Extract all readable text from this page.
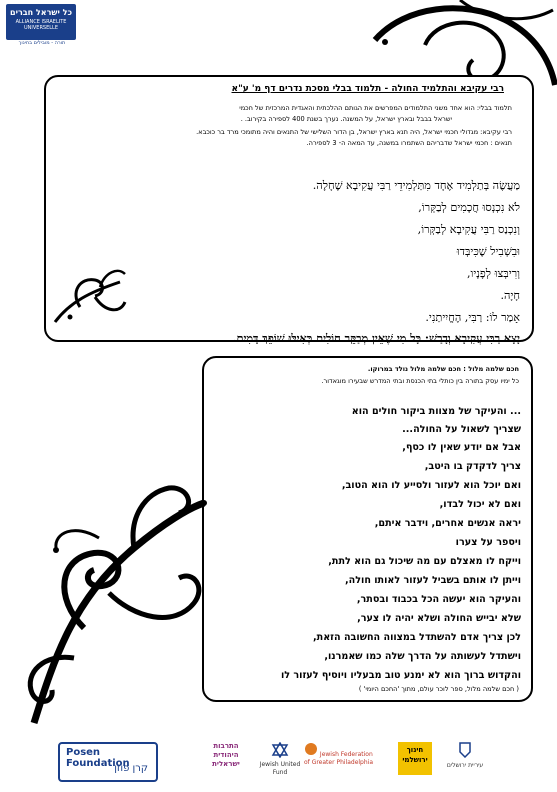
כל ישראל חברים
ALLIANCE ISRAELITE UNIVERSELLE
תורה - מובילים בחינוך
רבי עקיבא והתלמיד החולה - תלמוד בבלי מסכת נדרים דף מ' ע"א
תלמוד בבלי: הוא אחד משני התלמודים המפרשים את הגותם ההלכתית והאגדית המרכזית של חכמי
ישראל בבבל ובארץ ישראל, על המשנה. נערך בשנת 400 לספירה בקירוב. .
רבי עקיבא: מגדולי חכמי ישראל, היה תנא בארץ ישראל, בן הדור השלישי של התנאים והיה מתומכי מרד בר כוכבא.
תנאים : חכמי ישראל שדבריהם השתמרו במשנה, עד המאה ה- 3 לספירה.
מַעֲשֶׂה בְּתַלְמִיד אֶחָד מִתַּלְמִידֵי רַבִּי עֲקִיבָא שֶׁחָלָה.
לֹא נִכְנְסוּ חֲכָמִים לְבַקְּרוֹ,
וְנִכְנַס רַבִּי עֲקִיבָא לְבַקְּרוֹ,
וּבִשְׁבִיל שֶׁכִּיבְּדוּ
וְרִיבְּצוּ לְפָנָיו,
חָיָה.
אָמַר לוֹ: רַבִּי, הֶחֱיִיתַנִי.
יָצָא רַבִּי עֲקִיבָא וְדָרַשׁ: כָּל מִי שֶׁאֵין מְבַקֵּר חוֹלִים כְּאִילּוּ שׁוֹפֵךְ דָּמִים.
חכם שלמה מלול : חכם שלמה מלול נולד במרוקו.
כל ימיו עסק בתורה בין כותלי בתי הכנסת ובתי המדרש שבעירו מוגאדור.
... והעיקר של מצוות ביקור חולים הוא
שצריך לשאול על החולה...
אבל אם יודע שאין לו כסף,
צריך לדקדק בו היטב,
ואם יוכל הוא לעזור ולסייע לו הוא הטוב,
ואם לא יכול לבדו,
יראה אנשים אחרים, וידבר איתם,
ויספר על צערו
וייקח לו מאצלם עם מה שיכול גם הוא לתת,
וייתן לו אותם בשביל לעזור לאותו חולה,
והעיקר הוא יעשה הכל בכבוד ובסתר,
שלא יבייש החולה ושלא יהיה לו צער,
לכן צריך אדם להשתדל במצווה החשובה הזאת,
וישתדל לעשותה על הדרך שלה כמו שאמרנו,
והקדוש ברוך הוא לא ימנע טוב מבעליו ויוסיף לעזור לו
( חכם שלמה מלול, ספר לוכר עולם, מתוך 'החכם היומי' )
Posen Foundation
קרן פוזן
התרבות היהודית ישראלית	Jewish United Fund
Jewish Federation of Greater Philadelphia
חינוך ירושלמי
עיריית ירושלים
